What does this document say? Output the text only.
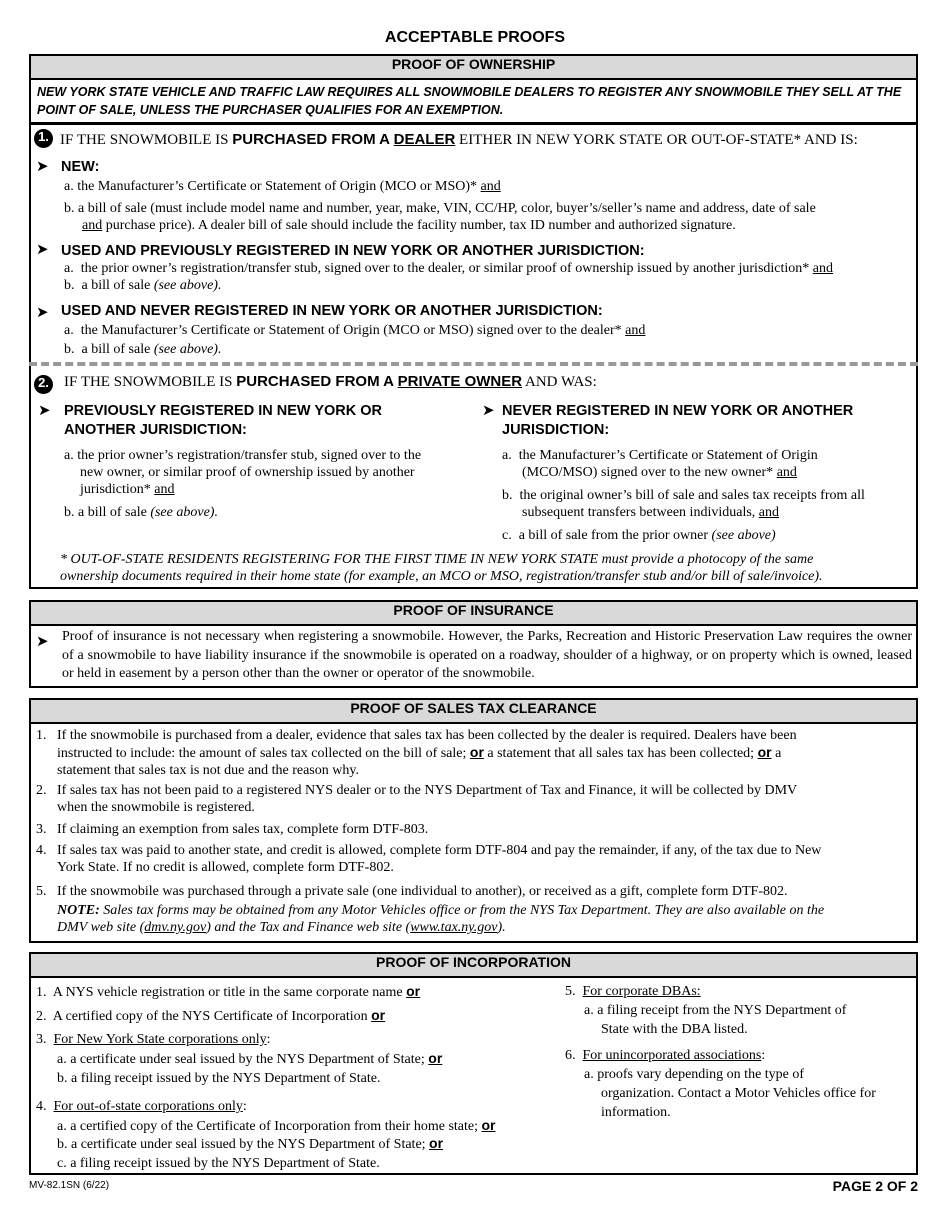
ACCEPTABLE PROOFS
PROOF OF OWNERSHIP
NEW YORK STATE VEHICLE AND TRAFFIC LAW REQUIRES ALL SNOWMOBILE DEALERS TO REGISTER ANY SNOWMOBILE THEY SELL AT THE POINT OF SALE, UNLESS THE PURCHASER QUALIFIES FOR AN EXEMPTION.
1. IF THE SNOWMOBILE IS PURCHASED FROM A DEALER EITHER IN NEW YORK STATE OR OUT-OF-STATE* AND IS:
➤ NEW:
a. the Manufacturer’s Certificate or Statement of Origin (MCO or MSO)* and
b. a bill of sale (must include model name and number, year, make, VIN, CC/HP, color, buyer’s/seller’s name and address, date of sale
and purchase price). A dealer bill of sale should include the facility number, tax ID number and authorized signature.
➤ USED AND PREVIOUSLY REGISTERED IN NEW YORK OR ANOTHER JURISDICTION:
a. the prior owner’s registration/transfer stub, signed over to the dealer, or similar proof of ownership issued by another jurisdiction* and
b. a bill of sale (see above).
➤ USED AND NEVER REGISTERED IN NEW YORK OR ANOTHER JURISDICTION:
a. the Manufacturer’s Certificate or Statement of Origin (MCO or MSO) signed over to the dealer* and
b. a bill of sale (see above).
2. IF THE SNOWMOBILE IS PURCHASED FROM A PRIVATE OWNER AND WAS:
➤ PREVIOUSLY REGISTERED IN NEW YORK OR
ANOTHER JURISDICTION:
a. the prior owner’s registration/transfer stub, signed over to the
new owner, or similar proof of ownership issued by another
jurisdiction* and
b. a bill of sale (see above).
➤ NEVER REGISTERED IN NEW YORK OR ANOTHER
JURISDICTION:
a. the Manufacturer’s Certificate or Statement of Origin
(MCO/MSO) signed over to the new owner* and
b. the original owner’s bill of sale and sales tax receipts from all
subsequent transfers between individuals, and
c. a bill of sale from the prior owner (see above)
* OUT-OF-STATE RESIDENTS REGISTERING FOR THE FIRST TIME IN NEW YORK STATE must provide a photocopy of the same
ownership documents required in their home state (for example, an MCO or MSO, registration/transfer stub and/or bill of sale/invoice).
PROOF OF INSURANCE
➤ Proof of insurance is not necessary when registering a snowmobile. However, the Parks, Recreation and Historic Preservation Law requires the owner of a snowmobile to have liability insurance if the snowmobile is operated on a roadway, shoulder of a highway, or on property which is owned, leased or held in easement by a person other than the owner or operator of the snowmobile.
PROOF OF SALES TAX CLEARANCE
1. If the snowmobile is purchased from a dealer, evidence that sales tax has been collected by the dealer is required. Dealers have been
instructed to include: the amount of sales tax collected on the bill of sale; or a statement that all sales tax has been collected; or a
statement that sales tax is not due and the reason why.
2. If sales tax has not been paid to a registered NYS dealer or to the NYS Department of Tax and Finance, it will be collected by DMV
when the snowmobile is registered.
3. If claiming an exemption from sales tax, complete form DTF-803.
4. If sales tax was paid to another state, and credit is allowed, complete form DTF-804 and pay the remainder, if any, of the tax due to New
York State. If no credit is allowed, complete form DTF-802.
5. If the snowmobile was purchased through a private sale (one individual to another), or received as a gift, complete form DTF-802.
NOTE: Sales tax forms may be obtained from any Motor Vehicles office or from the NYS Tax Department. They are also available on the
DMV web site (dmv.ny.gov) and the Tax and Finance web site (www.tax.ny.gov).
PROOF OF INCORPORATION
1. A NYS vehicle registration or title in the same corporate name or
2. A certified copy of the NYS Certificate of Incorporation or
3. For New York State corporations only:
a. a certificate under seal issued by the NYS Department of State; or
b. a filing receipt issued by the NYS Department of State.
4. For out-of-state corporations only:
a. a certified copy of the Certificate of Incorporation from their home state; or
b. a certificate under seal issued by the NYS Department of State; or
c. a filing receipt issued by the NYS Department of State.
5. For corporate DBAs:
a. a filing receipt from the NYS Department of
State with the DBA listed.
6. For unincorporated associations:
a. proofs vary depending on the type of
organization. Contact a Motor Vehicles office for
information.
MV-82.1SN (6/22)	PAGE 2 OF 2
